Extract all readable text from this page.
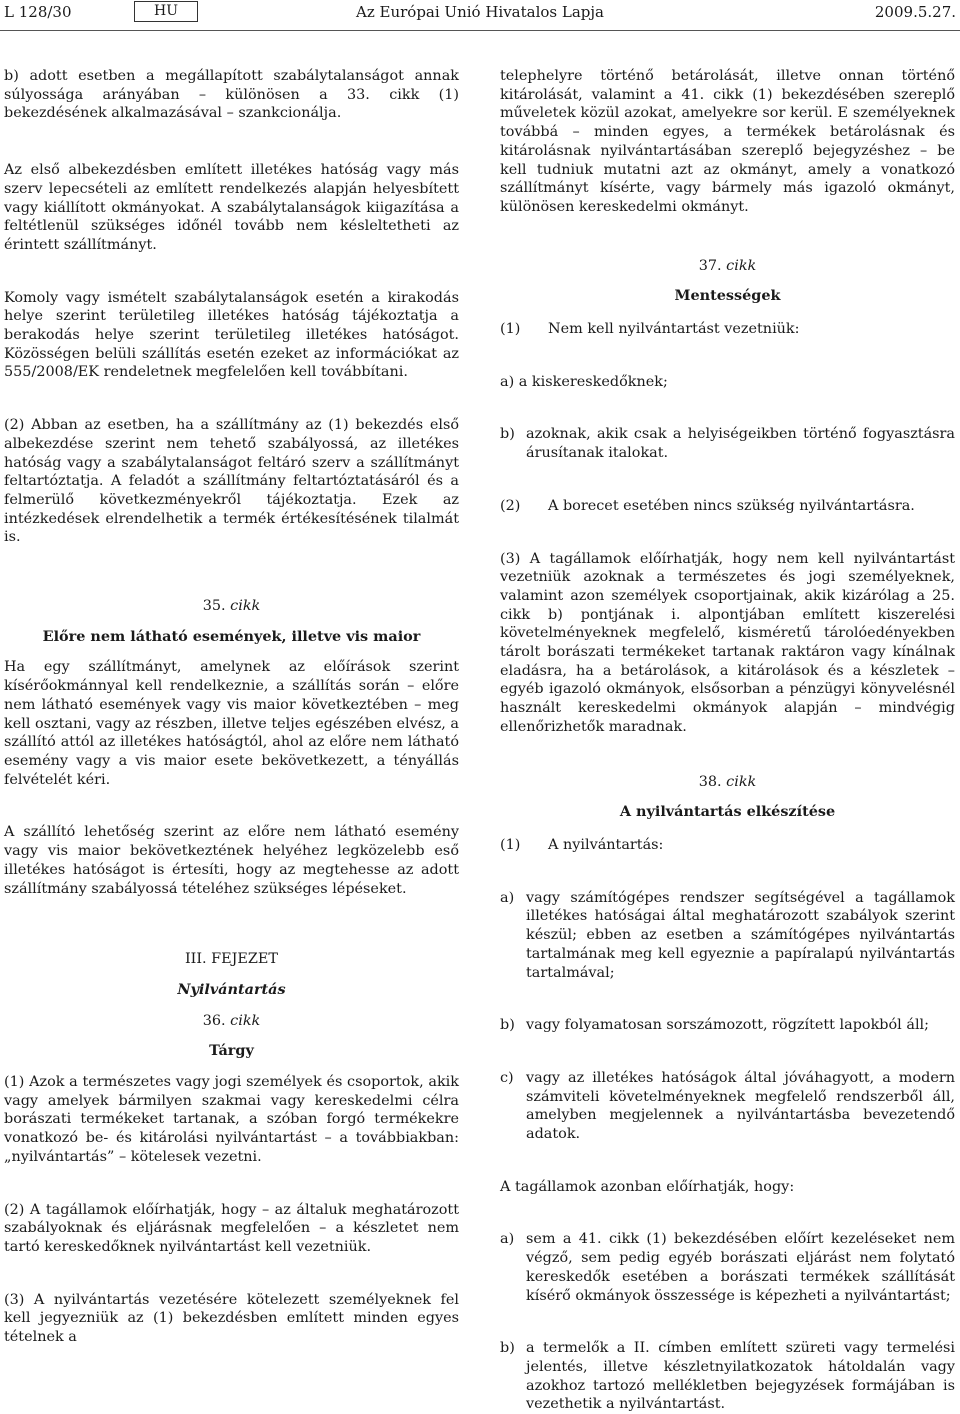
L 128/30	HU	Az Európai Unió Hivatalos Lapja	2009.5.27.

b) adott esetben a megállapított szabálytalanságot annak súlyossága arányában – különösen a 33. cikk (1) bekezdésének alkalmazásával – szankcionálja.

Az első albekezdésben említett illetékes hatóság vagy más szerv lepecsételi az említett rendelkezés alapján helyesbített vagy kiállított okmányokat. A szabálytalanságok kiigazítása a feltétlenül szükséges időnél tovább nem késleltetheti az érintett szállítmányt.

Komoly vagy ismételt szabálytalanságok esetén a kirakodás helye szerint területileg illetékes hatóság tájékoztatja a berakodás helye szerint területileg illetékes hatóságot. Közösségen belüli szállítás esetén ezeket az információkat az 555/2008/EK rendeletnek megfelelően kell továbbítani.

(2) Abban az esetben, ha a szállítmány az (1) bekezdés első albekezdése szerint nem tehető szabályossá, az illetékes hatóság vagy a szabálytalanságot feltáró szerv a szállítmányt feltartóztatja. A feladót a szállítmány feltartóztatásáról és a felmerülő következményekről tájékoztatja. Ezek az intézkedések elrendelhetik a termék értékesítésének tilalmát is.

35. cikk

Előre nem látható események, illetve vis maior

Ha egy szállítmányt, amelynek az előírások szerint kísérőokmánnyal kell rendelkeznie, a szállítás során – előre nem látható események vagy vis maior következtében – meg kell osztani, vagy az részben, illetve teljes egészében elvész, a szállító attól az illetékes hatóságtól, ahol az előre nem látható esemény vagy a vis maior esete bekövetkezett, a tényállás felvételét kéri.

A szállító lehetőség szerint az előre nem látható esemény vagy vis maior bekövetkeztének helyéhez legközelebb eső illetékes hatóságot is értesíti, hogy az megtehesse az adott szállítmány szabályossá tételéhez szükséges lépéseket.

III. FEJEZET

Nyilvántartás

36. cikk

Tárgy

(1) Azok a természetes vagy jogi személyek és csoportok, akik vagy amelyek bármilyen szakmai vagy kereskedelmi célra borászati termékeket tartanak, a szóban forgó termékekre vonatkozó be- és kitárolási nyilvántartást – a továbbiakban: „nyilvántartás” – kötelesek vezetni.

(2) A tagállamok előírhatják, hogy – az általuk meghatározott szabályoknak és eljárásnak megfelelően – a készletet nem tartó kereskedőknek nyilvántartást kell vezetniük.

(3) A nyilvántartás vezetésére kötelezett személyeknek fel kell jegyezniük az (1) bekezdésben említett minden egyes tételnek a

telephelyre történő betárolását, illetve onnan történő kitárolását, valamint a 41. cikk (1) bekezdésében szereplő műveletek közül azokat, amelyekre sor kerül. E személyeknek továbbá – minden egyes, a termékek betárolásnak és kitárolásnak nyilvántartásában szereplő bejegyzéshez – be kell tudniuk mutatni azt az okmányt, amely a vonatkozó szállítmányt kísérte, vagy bármely más igazoló okmányt, különösen kereskedelmi okmányt.

37. cikk

Mentességek

(1)	Nem kell nyilvántartást vezetniük:

a) a kiskereskedőknek;

b) azoknak, akik csak a helyiségeikben történő fogyasztásra árusítanak italokat.
(2)	A borecet esetében nincs szükség nyilvántartásra.

(3) A tagállamok előírhatják, hogy nem kell nyilvántartást vezetniük azoknak a természetes és jogi személyeknek, valamint azon személyek csoportjainak, akik kizárólag a 25. cikk b) pontjának i. alpontjában említett kiszerelési követelményeknek megfelelő, kisméretű tárolóedényekben tárolt borászati termékeket tartanak raktáron vagy kínálnak eladásra, ha a betárolások, a kitárolások és a készletek – egyéb igazoló okmányok, elsősorban a pénzügyi könyvelésnél használt kereskedelmi okmányok alapján – mindvégig ellenőrizhetők maradnak.

38. cikk

A nyilvántartás elkészítése

(1)	A nyilvántartás:
a) vagy számítógépes rendszer segítségével a tagállamok illetékes hatóságai által meghatározott szabályok szerint készül; ebben az esetben a számítógépes nyilvántartás tartalmának meg kell egyeznie a papíralapú nyilvántartás tartalmával;
b) vagy folyamatosan sorszámozott, rögzített lapokból áll;
c) vagy az illetékes hatóságok által jóváhagyott, a modern számviteli követelményeknek megfelelő rendszerből áll, amelyben megjelennek a nyilvántartásba bevezetendő adatok.

A tagállamok azonban előírhatják, hogy:

a) sem a 41. cikk (1) bekezdésében előírt kezeléseket nem végző, sem pedig egyéb borászati eljárást nem folytató kereskedők esetében a borászati termékek szállítását kísérő okmányok összessége is képezheti a nyilvántartást;
b) a termelők a II. címben említett szüreti vagy termelési jelentés, illetve készletnyilatkozatok hátoldalán vagy azokhoz tartozó mellékletben bejegyzések formájában is vezethetik a nyilvántartást.
